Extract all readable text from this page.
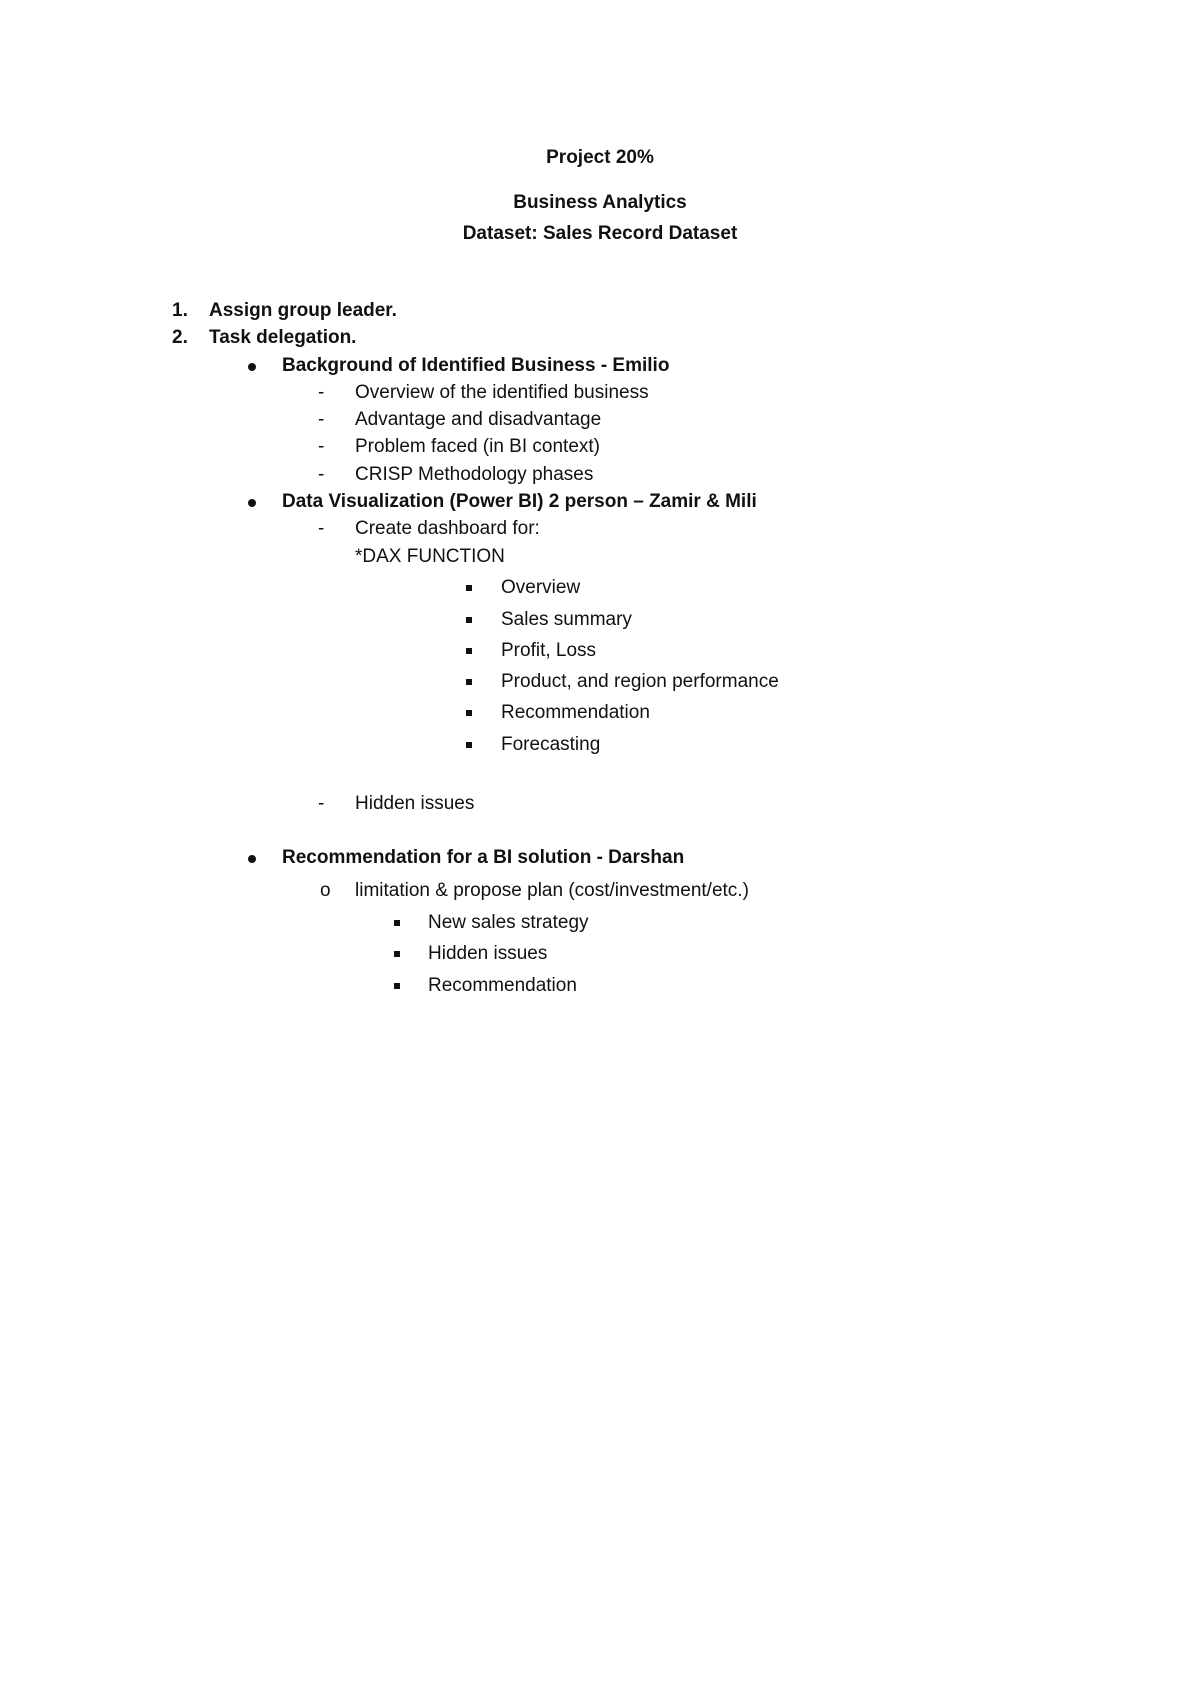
Project 20%
Business Analytics
Dataset: Sales Record Dataset
1. Assign group leader.
2. Task delegation.
Background of Identified Business - Emilio
- Overview of the identified business
- Advantage and disadvantage
- Problem faced (in BI context)
- CRISP Methodology phases
Data Visualization (Power BI) 2 person – Zamir & Mili
- Create dashboard for:
*DAX FUNCTION
Overview
Sales summary
Profit, Loss
Product, and region performance
Recommendation
Forecasting
- Hidden issues
Recommendation for a BI solution - Darshan
o limitation & propose plan (cost/investment/etc.)
New sales strategy
Hidden issues
Recommendation
